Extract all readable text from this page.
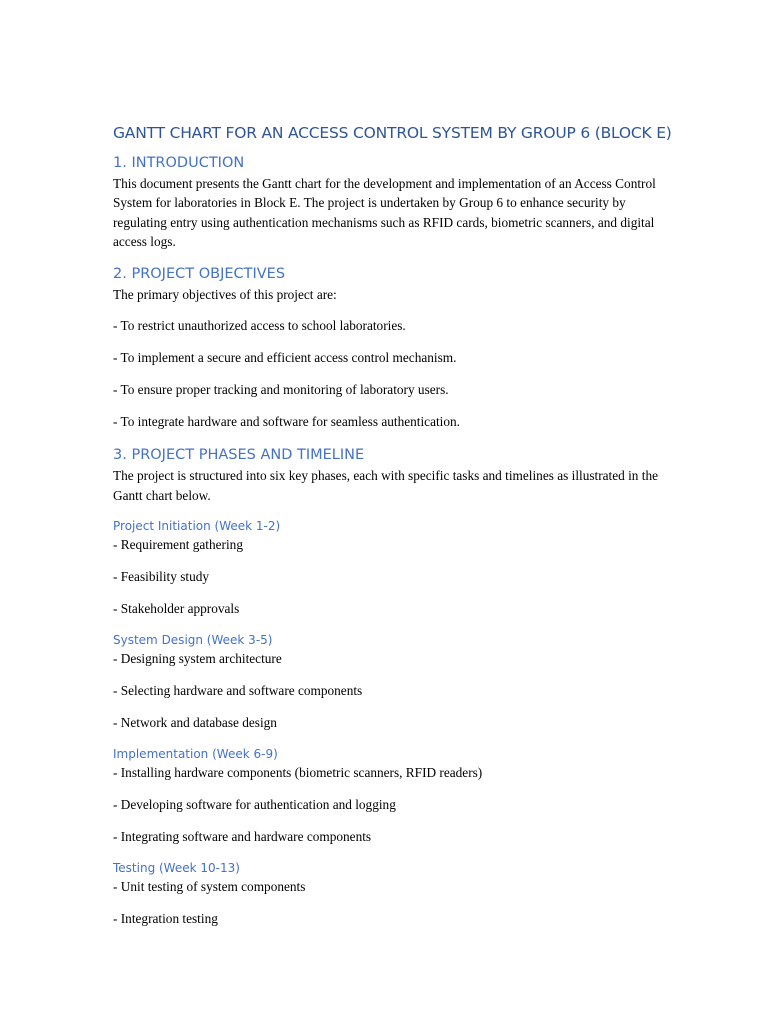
GANTT CHART FOR AN ACCESS CONTROL SYSTEM BY GROUP 6 (BLOCK E)
1. INTRODUCTION

This document presents the Gantt chart for the development and implementation of an Access Control System for laboratories in Block E. The project is undertaken by Group 6 to enhance security by regulating entry using authentication mechanisms such as RFID cards, biometric scanners, and digital access logs.

2. PROJECT OBJECTIVES

The primary objectives of this project are:

- To restrict unauthorized access to school laboratories.

- To implement a secure and efficient access control mechanism.

- To ensure proper tracking and monitoring of laboratory users.

- To integrate hardware and software for seamless authentication.

3. PROJECT PHASES AND TIMELINE

The project is structured into six key phases, each with specific tasks and timelines as illustrated in the Gantt chart below.

Project Initiation (Week 1-2)

- Requirement gathering

- Feasibility study

- Stakeholder approvals

System Design (Week 3-5)

- Designing system architecture

- Selecting hardware and software components

- Network and database design

Implementation (Week 6-9)

- Installing hardware components (biometric scanners, RFID readers)

- Developing software for authentication and logging

- Integrating software and hardware components

Testing (Week 10-13)

- Unit testing of system components

- Integration testing
